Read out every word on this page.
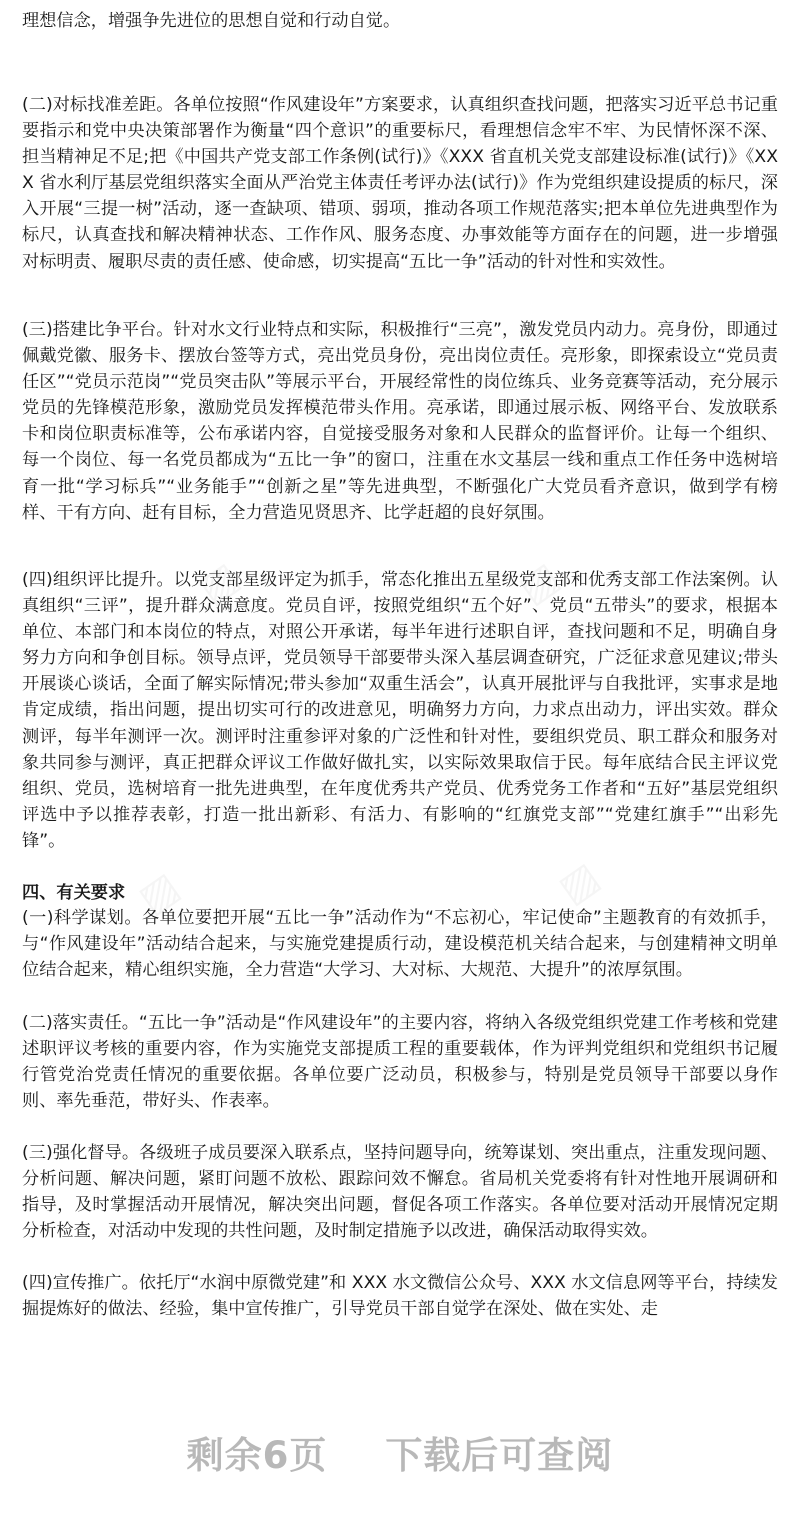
理想信念，增强争先进位的思想自觉和行动自觉。

(二)对标找准差距。各单位按照“作风建设年”方案要求，认真组织查找问题，把落实习近平总书记重要指示和党中央决策部署作为衡量“四个意识”的重要标尺，看理想信念牢不牢、为民情怀深不深、担当精神足不足;把《中国共产党支部工作条例(试行)》《XXX 省直机关党支部建设标准(试行)》《XXX 省水利厅基层党组织落实全面从严治党主体责任考评办法(试行)》作为党组织建设提质的标尺，深入开展“三提一树”活动，逐一查缺项、错项、弱项，推动各项工作规范落实;把本单位先进典型作为标尺，认真查找和解决精神状态、工作作风、服务态度、办事效能等方面存在的问题，进一步增强对标明责、履职尽责的责任感、使命感，切实提高“五比一争”活动的针对性和实效性。

(三)搭建比争平台。针对水文行业特点和实际，积极推行“三亮”，激发党员内动力。亮身份，即通过佩戴党徽、服务卡、摆放台签等方式，亮出党员身份，亮出岗位责任。亮形象，即探索设立“党员责任区”“党员示范岗”“党员突击队”等展示平台，开展经常性的岗位练兵、业务竞赛等活动，充分展示党员的先锋模范形象，激励党员发挥模范带头作用。亮承诺，即通过展示板、网络平台、发放联系卡和岗位职责标准等，公布承诺内容，自觉接受服务对象和人民群众的监督评价。让每一个组织、每一个岗位、每一名党员都成为“五比一争”的窗口，注重在水文基层一线和重点工作任务中选树培育一批“学习标兵”“业务能手”“创新之星”等先进典型，不断强化广大党员看齐意识，做到学有榜样、干有方向、赶有目标，全力营造见贤思齐、比学赶超的良好氛围。

(四)组织评比提升。以党支部星级评定为抓手，常态化推出五星级党支部和优秀支部工作法案例。认真组织“三评”，提升群众满意度。党员自评，按照党组织“五个好”、党员“五带头”的要求，根据本单位、本部门和本岗位的特点，对照公开承诺，每半年进行述职自评，查找问题和不足，明确自身努力方向和争创目标。领导点评，党员领导干部要带头深入基层调查研究，广泛征求意见建议;带头开展谈心谈话，全面了解实际情况;带头参加“双重生活会”，认真开展批评与自我批评，实事求是地肯定成绩，指出问题，提出切实可行的改进意见，明确努力方向，力求点出动力，评出实效。群众测评，每半年测评一次。测评时注重参评对象的广泛性和针对性，要组织党员、职工群众和服务对象共同参与测评，真正把群众评议工作做好做扎实，以实际效果取信于民。每年底结合民主评议党组织、党员，选树培育一批先进典型，在年度优秀共产党员、优秀党务工作者和“五好”基层党组织评选中予以推荐表彰，打造一批出新彩、有活力、有影响的“红旗党支部”“党建红旗手”“出彩先锋”。

四、有关要求

(一)科学谋划。各单位要把开展“五比一争”活动作为“不忘初心，牢记使命”主题教育的有效抓手，与“作风建设年”活动结合起来，与实施党建提质行动，建设模范机关结合起来，与创建精神文明单位结合起来，精心组织实施，全力营造“大学习、大对标、大规范、大提升”的浓厚氛围。

(二)落实责任。“五比一争”活动是“作风建设年”的主要内容，将纳入各级党组织党建工作考核和党建述职评议考核的重要内容，作为实施党支部提质工程的重要载体，作为评判党组织和党组织书记履行管党治党责任情况的重要依据。各单位要广泛动员，积极参与，特别是党员领导干部要以身作则、率先垂范，带好头、作表率。

(三)强化督导。各级班子成员要深入联系点，坚持问题导向，统筹谋划、突出重点，注重发现问题、分析问题、解决问题，紧盯问题不放松、跟踪问效不懈怠。省局机关党委将有针对性地开展调研和指导，及时掌握活动开展情况，解决突出问题，督促各项工作落实。各单位要对活动开展情况定期分析检查，对活动中发现的共性问题，及时制定措施予以改进，确保活动取得实效。

(四)宣传推广。依托厅“水润中原微党建”和 XXX 水文微信公众号、XXX 水文信息网等平台，持续发掘提炼好的做法、经验，集中宣传推广，引导党员干部自觉学在深处、做在实处、走

剩余6页 下载后可查阅
